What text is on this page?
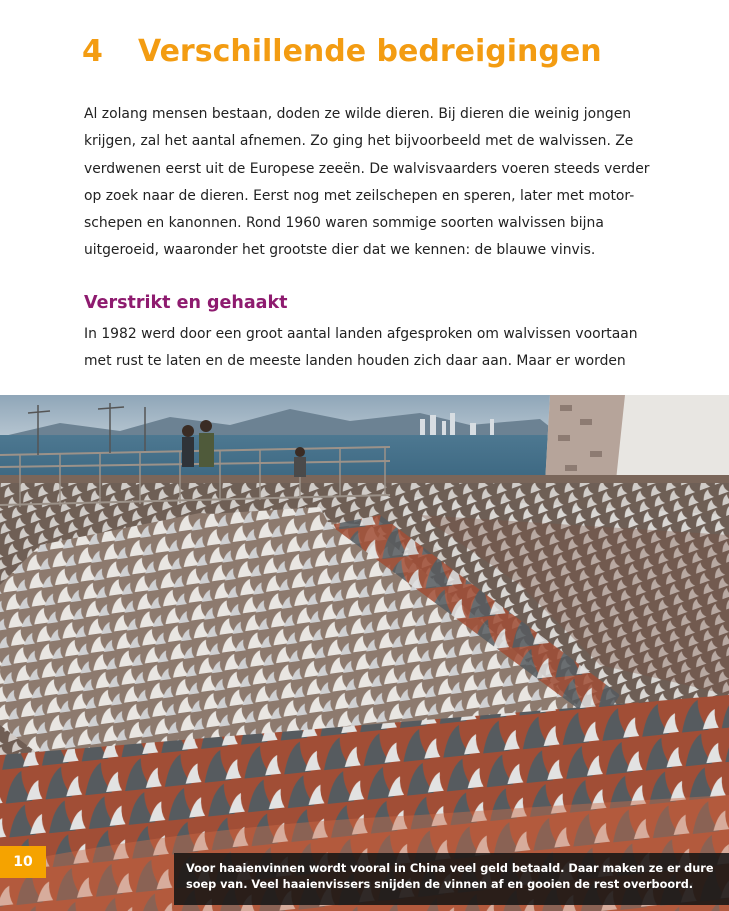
4 Verschillende bedreigingen

Al zolang mensen bestaan, doden ze wilde dieren. Bij dieren die weinig jongen
krijgen, zal het aantal afnemen. Zo ging het bijvoorbeeld met de walvissen. Ze
verdwenen eerst uit de Europese zeeën. De walvisvaarders voeren steeds verder
op zoek naar de dieren. Eerst nog met zeilschepen en speren, later met motor-
schepen en kanonnen. Rond 1960 waren sommige soorten walvissen bijna
uitgeroeid, waaronder het grootste dier dat we kennen: de blauwe vinvis.

Verstrikt en gehaakt

In 1982 werd door een groot aantal landen afgesproken om walvissen voortaan
met rust te laten en de meeste landen houden zich daar aan. Maar er worden

10	Voor haaienvinnen wordt vooral in China veel geld betaald. Daar maken ze er dure
soep van. Veel haaienvissers snijden de vinnen af en gooien de rest overboord.
